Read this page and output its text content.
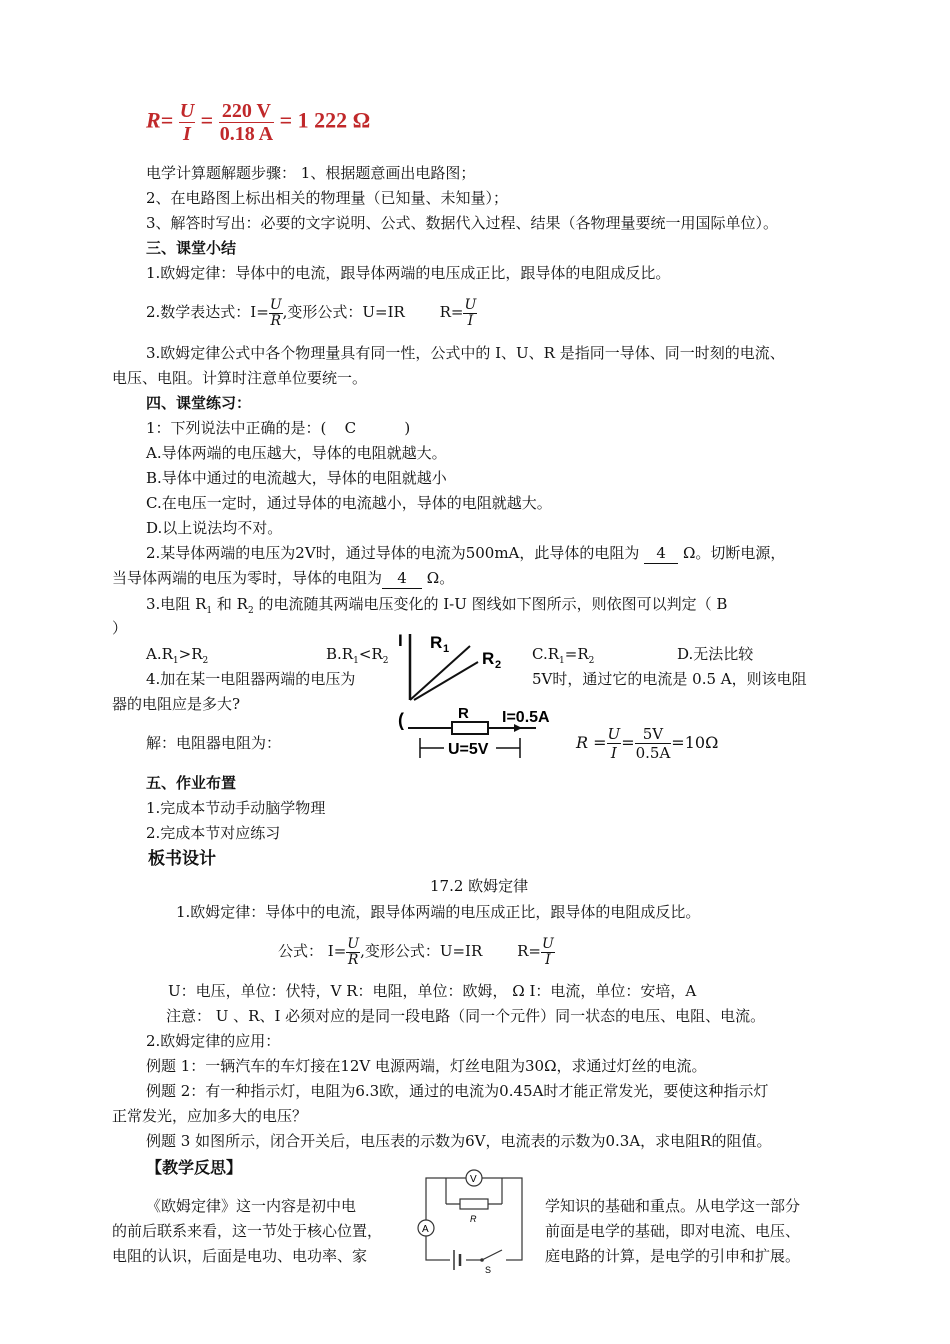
$R= \frac{U}{I} = \frac{220 V}{0.18 A} = 1$ 222 Ω
电学计算题解题步骤： 1、根据题意画出电路图；
2、在电路图上标出相关的物理量（已知量、未知量）；
3、解答时写出：必要的文字说明、公式、数据代入过程、结果（各物理量要统一用国际单位）。
三、课堂小结
1.欧姆定律：导体中的电流，跟导体两端的电压成正比，跟导体的电阻成反比。
2.数学表达式：$I= \frac{U}{R}$ ,变形公式：U=IR $R= \frac{U}{I}$
3.欧姆定律公式中各个物理量具有同一性，公式中的 I、U、R 是指同一导体、同一时刻的电流、
电压、电阻。计算时注意单位要统一。
四、课堂练习：
1：下列说法中正确的是：( C	)
A.导体两端的电压越大，导体的电阻就越大。
B.导体中通过的电流越大，导体的电阻就越小
C.在电压一定时，通过导体的电流越小，导体的电阻就越大。
D.以上说法均不对。
2.某导体两端的电压为2V时，通过导体的电流为500mA，此导体的电阻为 4 Ω。切断电源，
当导体两端的电压为零时，导体的电阻为 4 Ω。
3.电阻 $R_1$ 和 $R_2$ 的电流随其两端电压变化的 I-U 图线如下图所示，则依图可以判定（ B
）
I R 1 R 2
$A.R_1>R_2$	$B.R_1<R_2$	$C.R_1=R_2$	D.无法比较
4.加在某一电阻器两端的电压为	5V时，通过它的电流是 0.5 A，则该电阻
器的电阻应是多大?
(	R I=0.5A
U=5V
解：电阻器电阻为：	$R = \frac{U}{I} = \frac{5V}{0.5A} =10\Omega$
五、作业布置
1.完成本节动手动脑学物理
2.完成本节对应练习
板书设计
17.2 欧姆定律
1.欧姆定律：导体中的电流，跟导体两端的电压成正比，跟导体的电阻成反比。
公式： $I= \frac{U}{R}$ ,变形公式：U=IR $R= \frac{U}{I}$
U：电压，单位：伏特，V R：电阻，单位：欧姆， Ω I：电流，单位：安培，A
注意： U 、R、I 必须对应的是同一段电路（同一个元件）同一状态的电压、电阻、电流。
2.欧姆定律的应用：
例题 1：一辆汽车的车灯接在12V 电源两端，灯丝电阻为30Ω，求通过灯丝的电流。
例题 2：有一种指示灯，电阻为6.3欧，通过的电流为0.45A时才能正常发光，要使这种指示灯
正常发光，应加多大的电压？
例题 3 如图所示，闭合开关后，电压表的示数为6V，电流表的示数为0.3A，求电阻R的阻值。
【教学反思】
《欧姆定律》这一内容是初中电	学知识的基础和重点。从电学这一部分
的前后联系来看，这一节处于核心位置，	前面是电学的基础，即对电流、电压、
电阻的认识，后面是电功、电功率、家	庭电路的计算，是电学的引申和扩展。
V
R
A
S
